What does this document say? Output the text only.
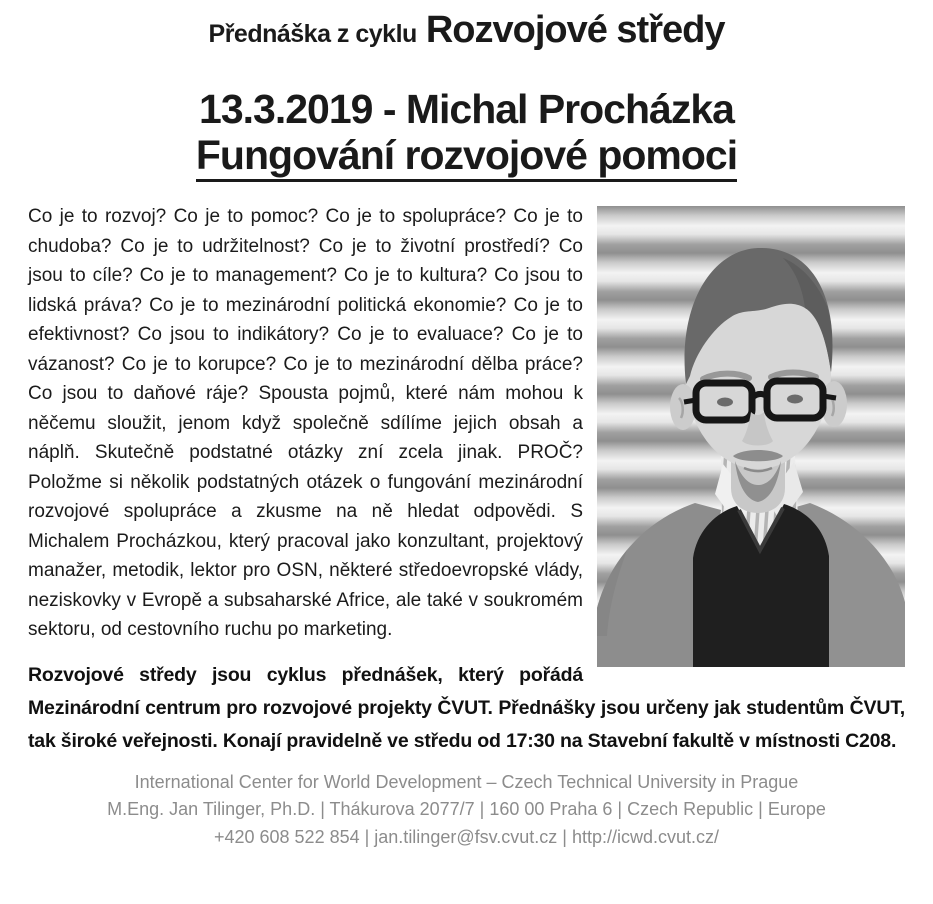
Přednáška z cyklu Rozvojové středy
13.3.2019 - Michal Procházka
Fungování rozvojové pomoci

Co je to rozvoj? Co je to pomoc? Co je to spolupráce? Co je to chudoba? Co je to udržitelnost? Co je to životní prostředí? Co jsou to cíle? Co je to management? Co je to kultura? Co jsou to lidská práva? Co je to mezinárodní politická ekonomie? Co je to efektivnost? Co jsou to indikátory? Co je to evaluace? Co je to vázanost? Co je to korupce? Co je to mezinárodní dělba práce? Co jsou to daňové ráje? Spousta pojmů, které nám mohou k něčemu sloužit, jenom když společně sdílíme jejich obsah a náplň. Skutečně podstatné otázky zní zcela jinak. PROČ? Položme si několik podstatných otázek o fungování mezinárodní rozvojové spolupráce a zkusme na ně hledat odpovědi. S Michalem Procházkou, který pracoval jako konzultant, projektový manažer, metodik, lektor pro OSN, některé středoevropské vlády, neziskovky v Evropě a subsaharské Africe, ale také v soukromém sektoru, od cestovního ruchu po marketing.

Rozvojové středy jsou cyklus přednášek, který pořádá Mezinárodní centrum pro rozvojové projekty ČVUT. Přednášky jsou určeny jak studentům ČVUT, tak široké veřejnosti. Konají pravidelně ve středu od 17:30 na Stavební fakultě v místnosti C208.

International Center for World Development – Czech Technical University in Prague
M.Eng. Jan Tilinger, Ph.D. | Thákurova 2077/7 | 160 00 Praha 6 | Czech Republic | Europe
+420 608 522 854 | jan.tilinger@fsv.cvut.cz | http://icwd.cvut.cz/
